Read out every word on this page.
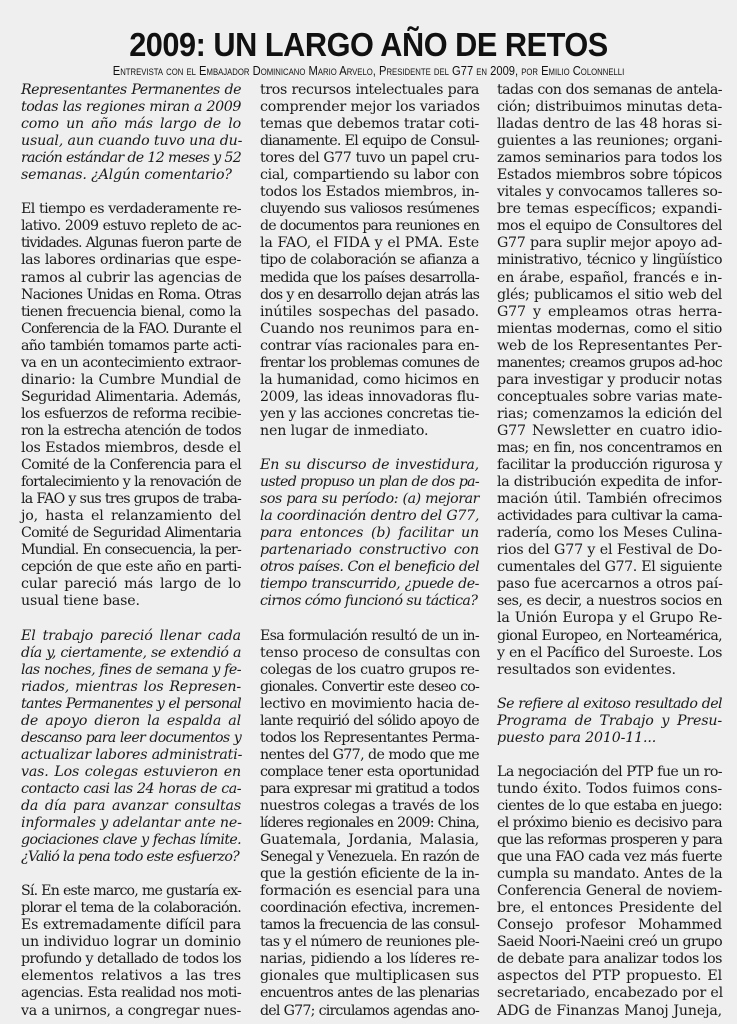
2009: UN LARGO AÑO DE RETOS
Entrevista con el Embajador Dominicano Mario Arvelo, Presidente del G77 en 2009, por Emilio Colonnelli
Representantes Permanentes de
todas las regiones miran a 2009
como un año más largo de lo
usual, aun cuando tuvo una du-
ración estándar de 12 meses y 52
semanas. ¿Algún comentario?
El tiempo es verdaderamente re-
lativo. 2009 estuvo repleto de ac-
tividades. Algunas fueron parte de
las labores ordinarias que espe-
ramos al cubrir las agencias de
Naciones Unidas en Roma. Otras
tienen frecuencia bienal, como la
Conferencia de la FAO. Durante el
año también tomamos parte acti-
va en un acontecimiento extraor-
dinario: la Cumbre Mundial de
Seguridad Alimentaria. Además,
los esfuerzos de reforma recibie-
ron la estrecha atención de todos
los Estados miembros, desde el
Comité de la Conferencia para el
fortalecimiento y la renovación de
la FAO y sus tres grupos de traba-
jo, hasta el relanzamiento del
Comité de Seguridad Alimentaria
Mundial. En consecuencia, la per-
cepción de que este año en parti-
cular pareció más largo de lo
usual tiene base.
El trabajo pareció llenar cada
día y, ciertamente, se extendió a
las noches, fines de semana y fe-
riados, mientras los Represen-
tantes Permanentes y el personal
de apoyo dieron la espalda al
descanso para leer documentos y
actualizar labores administrati-
vas. Los colegas estuvieron en
contacto casi las 24 horas de ca-
da día para avanzar consultas
informales y adelantar ante ne-
gociaciones clave y fechas límite.
¿Valió la pena todo este esfuerzo?
Sí. En este marco, me gustaría ex-
plorar el tema de la colaboración.
Es extremadamente difícil para
un individuo lograr un dominio
profundo y detallado de todos los
elementos relativos a las tres
agencias. Esta realidad nos moti-
va a unirnos, a congregar nues-
tros recursos intelectuales para
comprender mejor los variados
temas que debemos tratar coti-
dianamente. El equipo de Consul-
tores del G77 tuvo un papel cru-
cial, compartiendo su labor con
todos los Estados miembros, in-
cluyendo sus valiosos resúmenes
de documentos para reuniones en
la FAO, el FIDA y el PMA. Este
tipo de colaboración se afianza a
medida que los países desarrolla-
dos y en desarrollo dejan atrás las
inútiles sospechas del pasado.
Cuando nos reunimos para en-
contrar vías racionales para en-
frentar los problemas comunes de
la humanidad, como hicimos en
2009, las ideas innovadoras flu-
yen y las acciones concretas tie-
nen lugar de inmediato.
En su discurso de investidura,
usted propuso un plan de dos pa-
sos para su período: (a) mejorar
la coordinación dentro del G77,
para entonces (b) facilitar un
partenariado constructivo con
otros países. Con el beneficio del
tiempo transcurrido, ¿puede de-
cirnos cómo funcionó su táctica?
Esa formulación resultó de un in-
tenso proceso de consultas con
colegas de los cuatro grupos re-
gionales. Convertir este deseo co-
lectivo en movimiento hacia de-
lante requirió del sólido apoyo de
todos los Representantes Perma-
nentes del G77, de modo que me
complace tener esta oportunidad
para expresar mi gratitud a todos
nuestros colegas a través de los
líderes regionales en 2009: China,
Guatemala, Jordania, Malasia,
Senegal y Venezuela. En razón de
que la gestión eficiente de la in-
formación es esencial para una
coordinación efectiva, incremen-
tamos la frecuencia de las consul-
tas y el número de reuniones ple-
narias, pidiendo a los líderes re-
gionales que multiplicasen sus
encuentros antes de las plenarias
del G77; circulamos agendas ano-
tadas con dos semanas de antela-
ción; distribuimos minutas deta-
lladas dentro de las 48 horas si-
guientes a las reuniones; organi-
zamos seminarios para todos los
Estados miembros sobre tópicos
vitales y convocamos talleres so-
bre temas específicos; expandi-
mos el equipo de Consultores del
G77 para suplir mejor apoyo ad-
ministrativo, técnico y lingüístico
en árabe, español, francés e in-
glés; publicamos el sitio web del
G77 y empleamos otras herra-
mientas modernas, como el sitio
web de los Representantes Per-
manentes; creamos grupos ad-hoc
para investigar y producir notas
conceptuales sobre varias mate-
rias; comenzamos la edición del
G77 Newsletter en cuatro idio-
mas; en fin, nos concentramos en
facilitar la producción rigurosa y
la distribución expedita de infor-
mación útil. También ofrecimos
actividades para cultivar la cama-
radería, como los Meses Culina-
rios del G77 y el Festival de Do-
cumentales del G77. El siguiente
paso fue acercarnos a otros paí-
ses, es decir, a nuestros socios en
la Unión Europa y el Grupo Re-
gional Europeo, en Norteamérica,
y en el Pacífico del Suroeste. Los
resultados son evidentes.
Se refiere al exitoso resultado del
Programa de Trabajo y Presu-
puesto para 2010-11...
La negociación del PTP fue un ro-
tundo éxito. Todos fuimos cons-
cientes de lo que estaba en juego:
el próximo bienio es decisivo para
que las reformas prosperen y para
que una FAO cada vez más fuerte
cumpla su mandato. Antes de la
Conferencia General de noviem-
bre, el entonces Presidente del
Consejo profesor Mohammed
Saeid Noori-Naeini creó un grupo
de debate para analizar todos los
aspectos del PTP propuesto. El
secretariado, encabezado por el
ADG de Finanzas Manoj Juneja,
